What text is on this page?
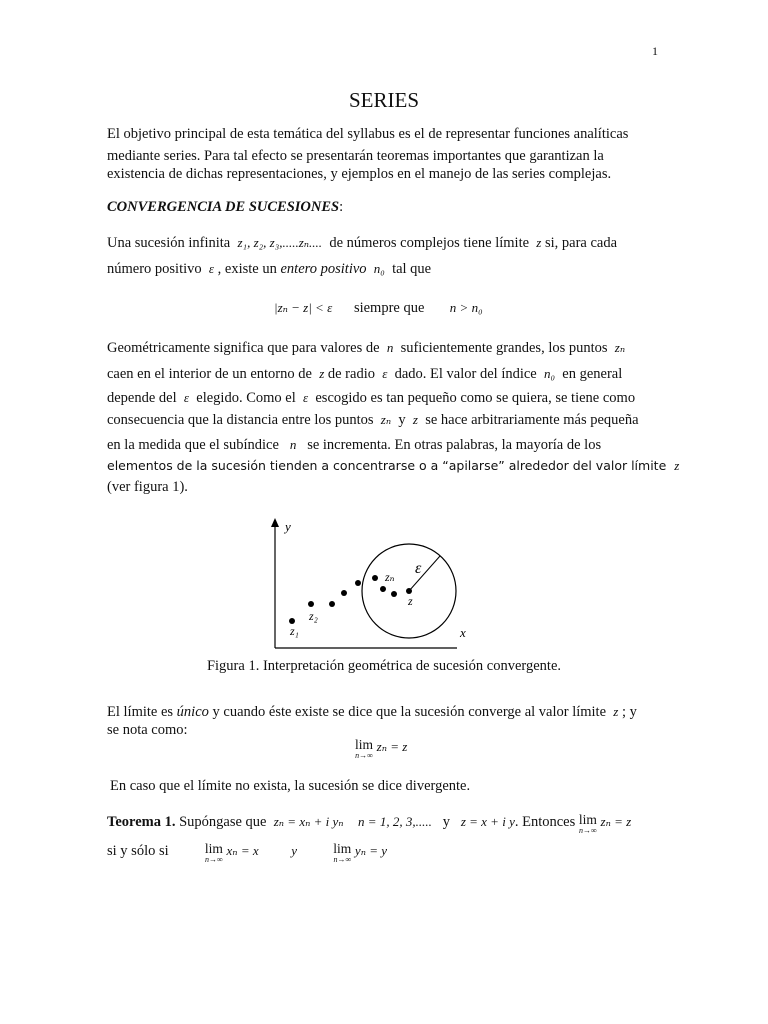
1
SERIES
El objetivo principal de esta temática del syllabus es el de representar funciones analíticas
mediante series. Para tal efecto se presentarán teoremas importantes que garantizan la
existencia de dichas representaciones, y ejemplos en el manejo de las series complejas.
CONVERGENCIA DE SUCESIONES:
Una sucesión infinita z₁, z₂, z₃,.....zₙ.... de números complejos tiene límite z si, para cada
número positivo ε , existe un entero positivo n₀ tal que
|zₙ − z| < ε siempre que n > n₀
Geométricamente significa que para valores de n suficientemente grandes, los puntos zₙ
caen en el interior de un entorno de z de radio ε dado. El valor del índice n₀ en general
depende del ε elegido. Como el ε escogido es tan pequeño como se quiera, se tiene como
consecuencia que la distancia entre los puntos zₙ y z se hace arbitrariamente más pequeña
en la medida que el subíndice n se incrementa. En otras palabras, la mayoría de los
elementos de la sucesión tienden a concentrarse o a “apilarse” alrededor del valor límite z
(ver figura 1).
y
x
ε
zₙ
z
z₂
z₁
Figura 1. Interpretación geométrica de sucesión convergente.
El límite es único y cuando éste existe se dice que la sucesión converge al valor límite z ; y
se nota como:
lim
n→∞
zₙ = z
En caso que el límite no exista, la sucesión se dice divergente.
Teorema 1. Supóngase que zₙ = xₙ + i yₙ n = 1, 2, 3,..... y z = x + i y. Entonces lim
n→∞
zₙ = z
si y sólo si	lim
n→∞
xₙ = x	y	lim
n→∞
yₙ = y
